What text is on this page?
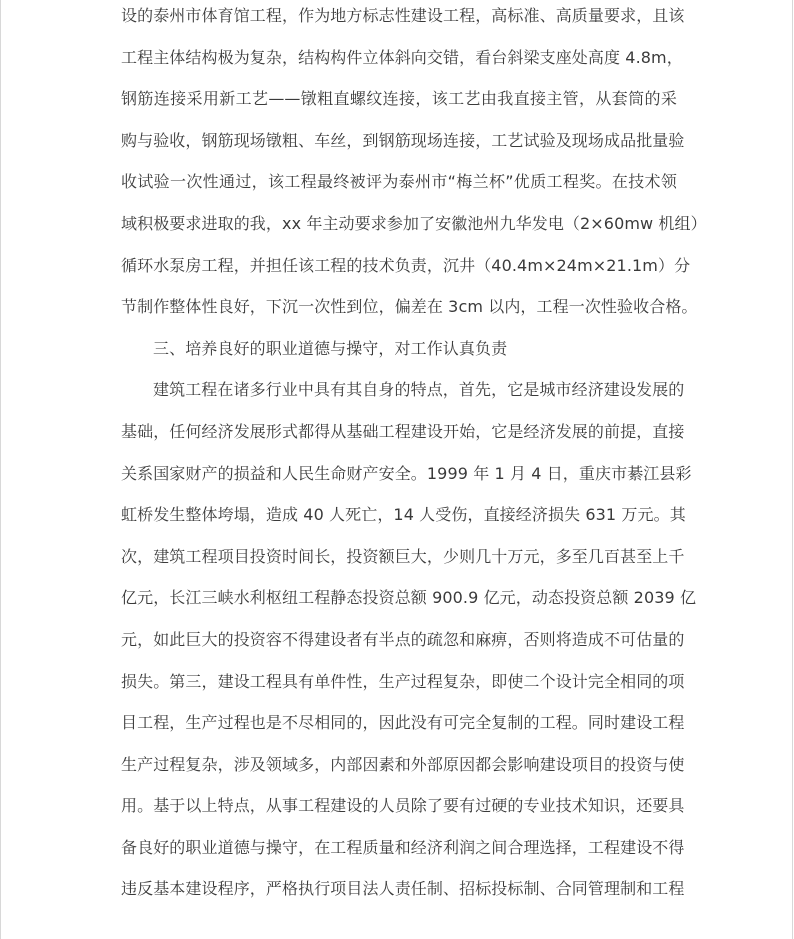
设的泰州市体育馆工程，作为地方标志性建设工程，高标准、高质量要求，且该
工程主体结构极为复杂，结构构件立体斜向交错，看台斜梁支座处高度 4.8m，
钢筋连接采用新工艺——镦粗直螺纹连接，该工艺由我直接主管，从套筒的采
购与验收，钢筋现场镦粗、车丝，到钢筋现场连接，工艺试验及现场成品批量验
收试验一次性通过，该工程最终被评为泰州市“梅兰杯”优质工程奖。在技术领
域积极要求进取的我，xx 年主动要求参加了安徽池州九华发电（2×60mw 机组）
循环水泵房工程，并担任该工程的技术负责，沉井（40.4m×24m×21.1m）分
节制作整体性良好，下沉一次性到位，偏差在 3cm 以内，工程一次性验收合格。
三、培养良好的职业道德与操守，对工作认真负责
建筑工程在诸多行业中具有其自身的特点，首先，它是城市经济建设发展的
基础，任何经济发展形式都得从基础工程建设开始，它是经济发展的前提，直接
关系国家财产的损益和人民生命财产安全。1999 年 1 月 4 日，重庆市綦江县彩
虹桥发生整体垮塌，造成 40 人死亡，14 人受伤，直接经济损失 631 万元。其
次，建筑工程项目投资时间长，投资额巨大，少则几十万元，多至几百甚至上千
亿元，长江三峡水利枢纽工程静态投资总额 900.9 亿元，动态投资总额 2039 亿
元，如此巨大的投资容不得建设者有半点的疏忽和麻痹，否则将造成不可估量的
损失。第三，建设工程具有单件性，生产过程复杂，即使二个设计完全相同的项
目工程，生产过程也是不尽相同的，因此没有可完全复制的工程。同时建设工程
生产过程复杂，涉及领域多，内部因素和外部原因都会影响建设项目的投资与使
用。基于以上特点，从事工程建设的人员除了要有过硬的专业技术知识，还要具
备良好的职业道德与操守，在工程质量和经济利润之间合理选择，工程建设不得
违反基本建设程序，严格执行项目法人责任制、招标投标制、合同管理制和工程
